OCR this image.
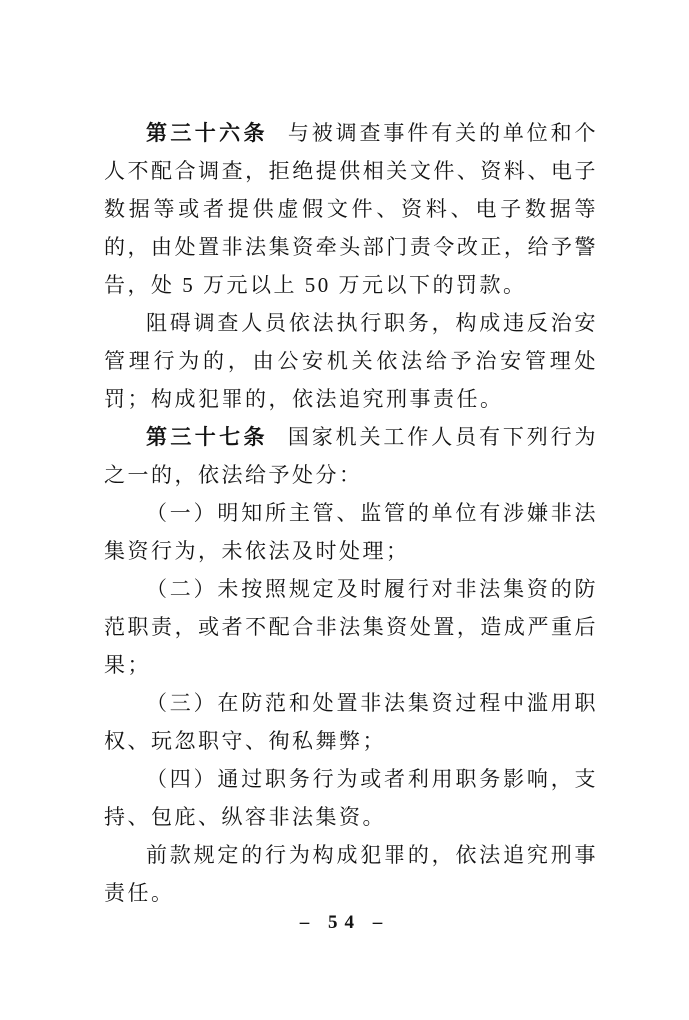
第三十六条 与被调查事件有关的单位和个人不配合调查，拒绝提供相关文件、资料、电子数据等或者提供虚假文件、资料、电子数据等的，由处置非法集资牵头部门责令改正，给予警告，处 5 万元以上 50 万元以下的罚款。

阻碍调查人员依法执行职务，构成违反治安管理行为的，由公安机关依法给予治安管理处罚；构成犯罪的，依法追究刑事责任。

第三十七条 国家机关工作人员有下列行为之一的，依法给予处分：

（一）明知所主管、监管的单位有涉嫌非法集资行为，未依法及时处理；

（二）未按照规定及时履行对非法集资的防范职责，或者不配合非法集资处置，造成严重后果；

（三）在防范和处置非法集资过程中滥用职权、玩忽职守、徇私舞弊；

（四）通过职务行为或者利用职务影响，支持、包庇、纵容非法集资。

前款规定的行为构成犯罪的，依法追究刑事责任。

– 54 –
